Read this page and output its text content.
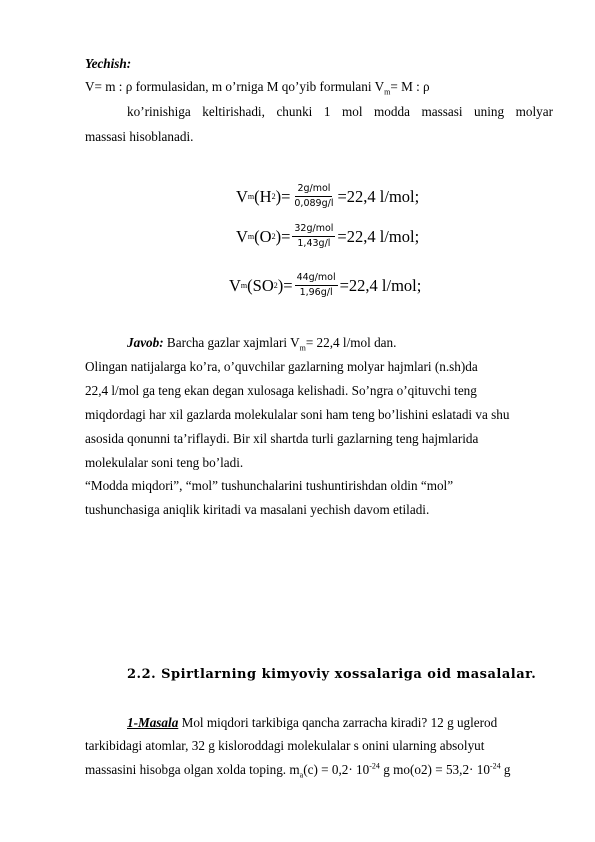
Yechish:
V= m : ρ formulasidan, m o’rniga M qo’yib formulani $V_m= M$ : ρ
ko’rinishiga keltirishadi, chunki 1 mol modda massasi uning molyar
massasi hisoblanadi.
V m (H 2 )= $\frac{\text{2g/mol}}{0,089g/l} =22,4$ l/mol;
V m (O 2 )= $\frac{\text{32g/mol}}{1,43g/l} =22,4$ l/mol;
V m (SO 2 )= $\frac{\text{44g/mol}}{1,96g/l} =22,4$ l/mol;
Javob: Barcha gazlar xajmlari $V_m= 22,4$ l/mol dan.
Olingan natijalarga ko’ra, o’quvchilar gazlarning molyar hajmlari (n.sh)da
22,4 l/mol ga teng ekan degan xulosaga kelishadi. So’ngra o’qituvchi teng
miqdordagi har xil gazlarda molekulalar soni ham teng bo’lishini eslatadi va shu
asosida qonunni ta’riflaydi. Bir xil shartda turli gazlarning teng hajmlarida
molekulalar soni teng bo’ladi.
“Modda miqdori”, “mol” tushunchalarini tushuntirishdan oldin “mol”
tushunchasiga aniqlik kiritadi va masalani yechish davom etiladi.
2.2. Spirtlarning kimyoviy xossalariga oid masalalar.
1-Masala Mol miqdori tarkibiga qancha zarracha kiradi? 12 g uglerod
tarkibidagi atomlar, 32 g kisloroddagi molekulalar s onini ularning absolyut
massasini hisobga olgan xolda toping. $m_a(c) = 0,2\cdot 10^{-24}$ g $mo(o2) = 53,2\cdot 10^{-24}$ g
